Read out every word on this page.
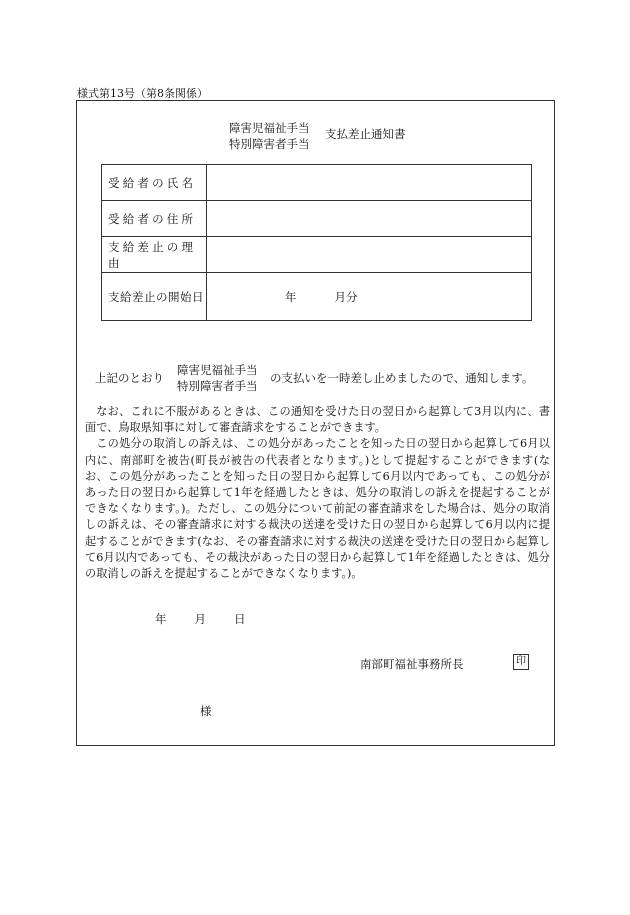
様式第13号（第8条関係）
障害児福祉手当
特別障害者手当
支払差止通知書
受給者の氏名	
受給者の住所	
支給差止の理由	
支給差止の開始日	年 月分
上記のとおり
障害児福祉手当
特別障害者手当
の支払いを一時差し止めましたので、通知します。

なお、これに不服があるときは、この通知を受けた日の翌日から起算して3月以内に、書面で、鳥取県知事に対して審査請求をすることができます。

この処分の取消しの訴えは、この処分があったことを知った日の翌日から起算して6月以内に、南部町を被告(町長が被告の代表者となります。)として提起することができます(なお、この処分があったことを知った日の翌日から起算して6月以内であっても、この処分があった日の翌日から起算して1年を経過したときは、処分の取消しの訴えを提起することができなくなります。)。ただし、この処分について前記の審査請求をした場合は、処分の取消しの訴えは、その審査請求に対する裁決の送達を受けた日の翌日から起算して6月以内に提起することができます(なお、その審査請求に対する裁決の送達を受けた日の翌日から起算して6月以内であっても、その裁決があった日の翌日から起算して1年を経過したときは、処分の取消しの訴えを提起することができなくなります。)。

年 月 日
南部町福祉事務所長	印
様
